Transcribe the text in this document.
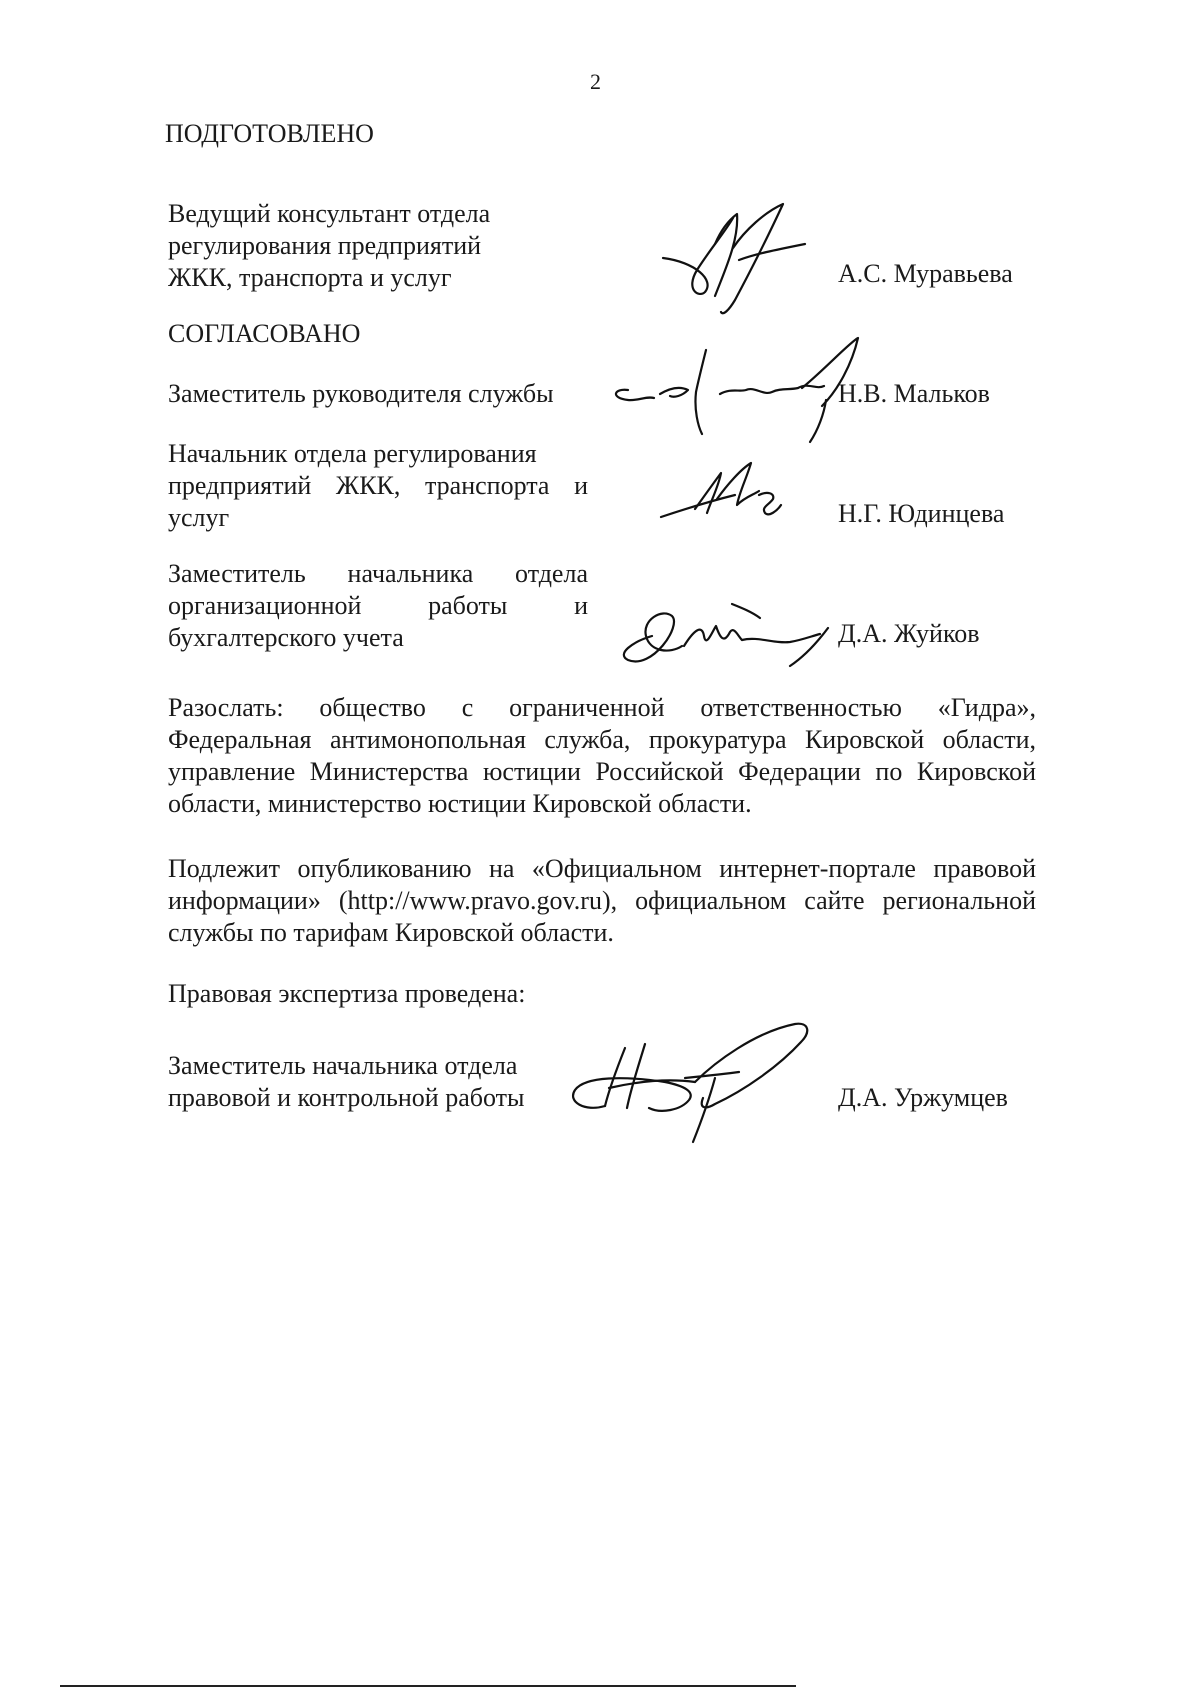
2
ПОДГОТОВЛЕНО
Ведущий консультант отдела
регулирования предприятий
ЖКК, транспорта и услуг	А.С. Муравьева
СОГЛАСОВАНО
Заместитель руководителя службы	Н.В. Мальков
Начальник отдела регулирования
предприятий ЖКК, транспорта и
услуг	Н.Г. Юдинцева
Заместитель начальника отдела
организационной работы и
бухгалтерского учета	Д.А. Жуйков
Разослать: общество с ограниченной ответственностью «Гидра», Федеральная антимонопольная служба, прокуратура Кировской области, управление Министерства юстиции Российской Федерации по Кировской области, министерство юстиции Кировской области.
Подлежит опубликованию на «Официальном интернет-портале правовой информации» (http://www.pravo.gov.ru), официальном сайте региональной службы по тарифам Кировской области.
Правовая экспертиза проведена:
Заместитель начальника отдела
правовой и контрольной работы	Д.А. Уржумцев
